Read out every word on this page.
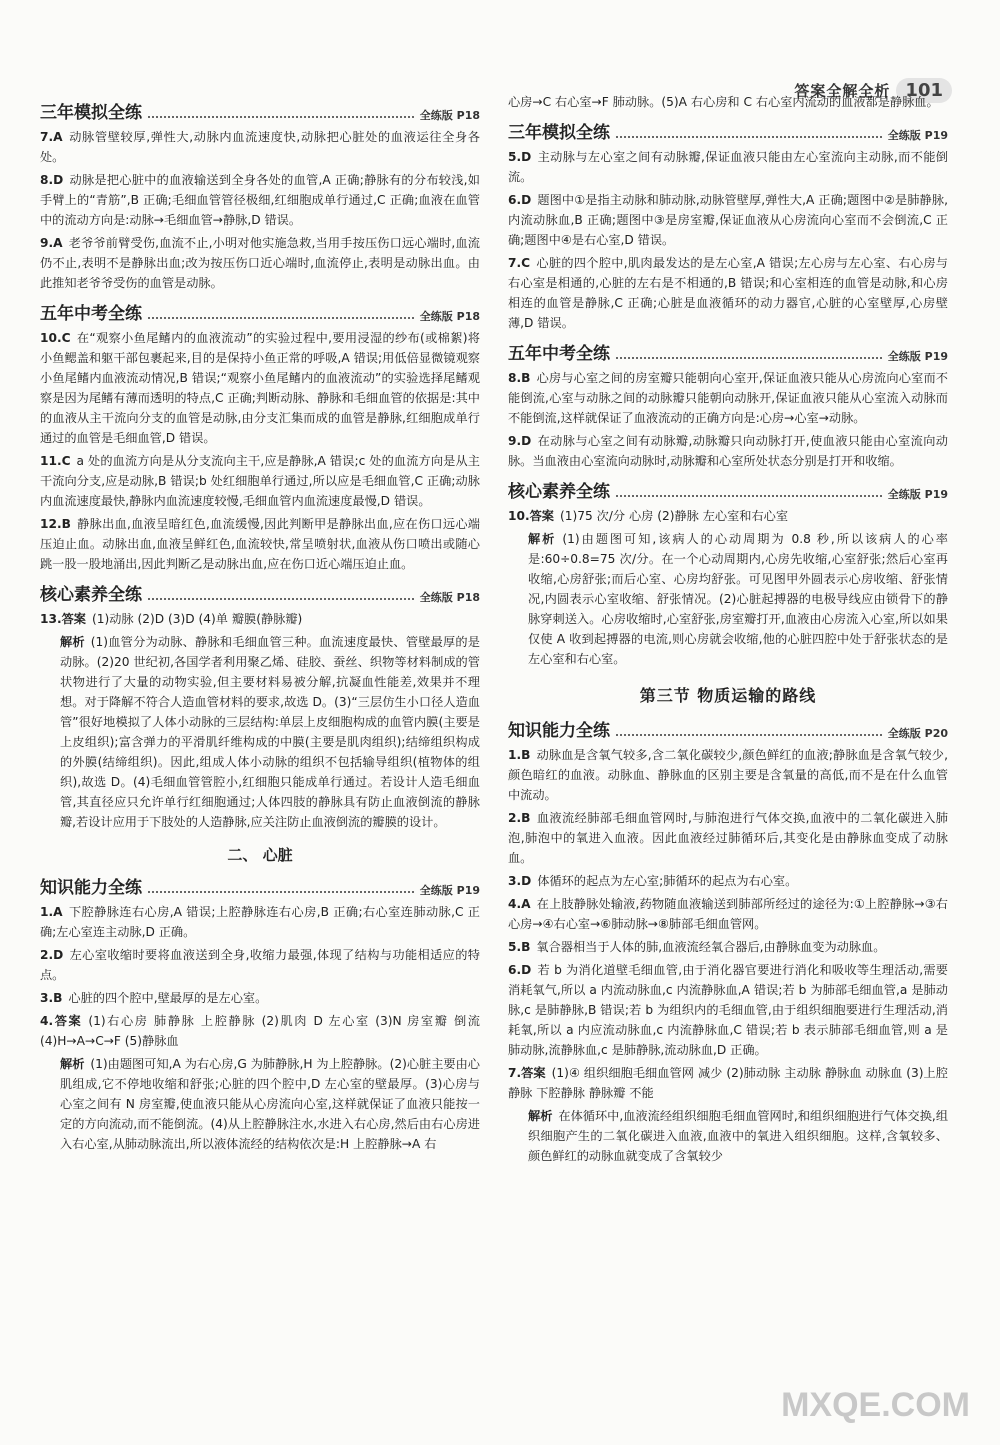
答案全解全析 101
三年模拟全练	全练版 P18

7.A 动脉管壁较厚,弹性大,动脉内血流速度快,动脉把心脏处的血液运往全身各处。

8.D 动脉是把心脏中的血液输送到全身各处的血管,A 正确;静脉有的分布较浅,如手臂上的“青筋”,B 正确;毛细血管管径极细,红细胞成单行通过,C 正确;血液在血管中的流动方向是:动脉→毛细血管→静脉,D 错误。

9.A 老爷爷前臂受伤,血流不止,小明对他实施急救,当用手按压伤口远心端时,血流仍不止,表明不是静脉出血;改为按压伤口近心端时,血流停止,表明是动脉出血。由此推知老爷爷受伤的血管是动脉。

五年中考全练	全练版 P18

10.C 在“观察小鱼尾鳍内的血液流动”的实验过程中,要用浸湿的纱布(或棉絮)将小鱼鳃盖和躯干部包裹起来,目的是保持小鱼正常的呼吸,A 错误;用低倍显微镜观察小鱼尾鳍内血液流动情况,B 错误;“观察小鱼尾鳍内的血液流动”的实验选择尾鳍观察是因为尾鳍有薄而透明的特点,C 正确;判断动脉、静脉和毛细血管的依据是:其中的血液从主干流向分支的血管是动脉,由分支汇集而成的血管是静脉,红细胞成单行通过的血管是毛细血管,D 错误。

11.C a 处的血流方向是从分支流向主干,应是静脉,A 错误;c 处的血流方向是从主干流向分支,应是动脉,B 错误;b 处红细胞单行通过,所以应是毛细血管,C 正确;动脉内血流速度最快,静脉内血流速度较慢,毛细血管内血流速度最慢,D 错误。

12.B 静脉出血,血液呈暗红色,血流缓慢,因此判断甲是静脉出血,应在伤口远心端压迫止血。动脉出血,血液呈鲜红色,血流较快,常呈喷射状,血液从伤口喷出或随心跳一股一股地涌出,因此判断乙是动脉出血,应在伤口近心端压迫止血。

核心素养全练	全练版 P18

13.答案 (1)动脉 (2)D (3)D (4)单 瓣膜(静脉瓣)

解析 (1)血管分为动脉、静脉和毛细血管三种。血流速度最快、管壁最厚的是动脉。(2)20 世纪初,各国学者利用聚乙烯、硅胶、蚕丝、织物等材料制成的管状物进行了大量的动物实验,但主要材料易被分解,抗凝血性能差,效果并不理想。对于降解不符合人造血管材料的要求,故选 D。(3)“三层仿生小口径人造血管”很好地模拟了人体小动脉的三层结构:单层上皮细胞构成的血管内膜(主要是上皮组织);富含弹力的平滑肌纤维构成的中膜(主要是肌肉组织);结缔组织构成的外膜(结缔组织)。因此,组成人体小动脉的组织不包括输导组织(植物体的组织),故选 D。(4)毛细血管管腔小,红细胞只能成单行通过。若设计人造毛细血管,其直径应只允许单行红细胞通过;人体四肢的静脉具有防止血液倒流的静脉瓣,若设计应用于下肢处的人造静脉,应关注防止血液倒流的瓣膜的设计。

二、 心脏
知识能力全练	全练版 P19

1.A 下腔静脉连右心房,A 错误;上腔静脉连右心房,B 正确;右心室连肺动脉,C 正确;左心室连主动脉,D 正确。

2.D 左心室收缩时要将血液送到全身,收缩力最强,体现了结构与功能相适应的特点。

3.B 心脏的四个腔中,壁最厚的是左心室。

4.答案 (1)右心房 肺静脉 上腔静脉 (2)肌肉 D 左心室 (3)N 房室瓣 倒流 (4)H→A→C→F (5)静脉血

解析 (1)由题图可知,A 为右心房,G 为肺静脉,H 为上腔静脉。(2)心脏主要由心肌组成,它不停地收缩和舒张;心脏的四个腔中,D 左心室的壁最厚。(3)心房与心室之间有 N 房室瓣,使血液只能从心房流向心室,这样就保证了血液只能按一定的方向流动,而不能倒流。(4)从上腔静脉注水,水进入右心房,然后由右心房进入右心室,从肺动脉流出,所以液体流经的结构依次是:H 上腔静脉→A 右

心房→C 右心室→F 肺动脉。(5)A 右心房和 C 右心室内流动的血液都是静脉血。

三年模拟全练	全练版 P19

5.D 主动脉与左心室之间有动脉瓣,保证血液只能由左心室流向主动脉,而不能倒流。

6.D 题图中①是指主动脉和肺动脉,动脉管壁厚,弹性大,A 正确;题图中②是肺静脉,内流动脉血,B 正确;题图中③是房室瓣,保证血液从心房流向心室而不会倒流,C 正确;题图中④是右心室,D 错误。

7.C 心脏的四个腔中,肌肉最发达的是左心室,A 错误;左心房与左心室、右心房与右心室是相通的,心脏的左右是不相通的,B 错误;和心室相连的血管是动脉,和心房相连的血管是静脉,C 正确;心脏是血液循环的动力器官,心脏的心室壁厚,心房壁薄,D 错误。

五年中考全练	全练版 P19

8.B 心房与心室之间的房室瓣只能朝向心室开,保证血液只能从心房流向心室而不能倒流,心室与动脉之间的动脉瓣只能朝向动脉开,保证血液只能从心室流入动脉而不能倒流,这样就保证了血液流动的正确方向是:心房→心室→动脉。

9.D 在动脉与心室之间有动脉瓣,动脉瓣只向动脉打开,使血液只能由心室流向动脉。当血液由心室流向动脉时,动脉瓣和心室所处状态分别是打开和收缩。

核心素养全练	全练版 P19

10.答案 (1)75 次/分 心房 (2)静脉 左心室和右心室

解析 (1)由题图可知,该病人的心动周期为 0.8 秒,所以该病人的心率是:60÷0.8=75 次/分。在一个心动周期内,心房先收缩,心室舒张;然后心室再收缩,心房舒张;而后心室、心房均舒张。可见图甲外圆表示心房收缩、舒张情况,内圆表示心室收缩、舒张情况。(2)心脏起搏器的电极导线应由锁骨下的静脉穿刺送入。心房收缩时,心室舒张,房室瓣打开,血液由心房流入心室,所以如果仅使 A 收到起搏器的电流,则心房就会收缩,他的心脏四腔中处于舒张状态的是左心室和右心室。

第三节 物质运输的路线
知识能力全练	全练版 P20

1.B 动脉血是含氧气较多,含二氧化碳较少,颜色鲜红的血液;静脉血是含氧气较少,颜色暗红的血液。动脉血、静脉血的区别主要是含氧量的高低,而不是在什么血管中流动。

2.B 血液流经肺部毛细血管网时,与肺泡进行气体交换,血液中的二氧化碳进入肺泡,肺泡中的氧进入血液。因此血液经过肺循环后,其变化是由静脉血变成了动脉血。

3.D 体循环的起点为左心室;肺循环的起点为右心室。

4.A 在上肢静脉处输液,药物随血液输送到肺部所经过的途径为:①上腔静脉→③右心房→④右心室→⑥肺动脉→⑧肺部毛细血管网。

5.B 氧合器相当于人体的肺,血液流经氧合器后,由静脉血变为动脉血。

6.D 若 b 为消化道壁毛细血管,由于消化器官要进行消化和吸收等生理活动,需要消耗氧气,所以 a 内流动脉血,c 内流静脉血,A 错误;若 b 为肺部毛细血管,a 是肺动脉,c 是肺静脉,B 错误;若 b 为组织内的毛细血管,由于组织细胞要进行生理活动,消耗氧,所以 a 内应流动脉血,c 内流静脉血,C 错误;若 b 表示肺部毛细血管,则 a 是肺动脉,流静脉血,c 是肺静脉,流动脉血,D 正确。

7.答案 (1)④ 组织细胞毛细血管网 减少 (2)肺动脉 主动脉 静脉血 动脉血 (3)上腔静脉 下腔静脉 静脉瓣 不能

解析 在体循环中,血液流经组织细胞毛细血管网时,和组织细胞进行气体交换,组织细胞产生的二氧化碳进入血液,血液中的氧进入组织细胞。这样,含氧较多、颜色鲜红的动脉血就变成了含氧较少

MXQE.COM
